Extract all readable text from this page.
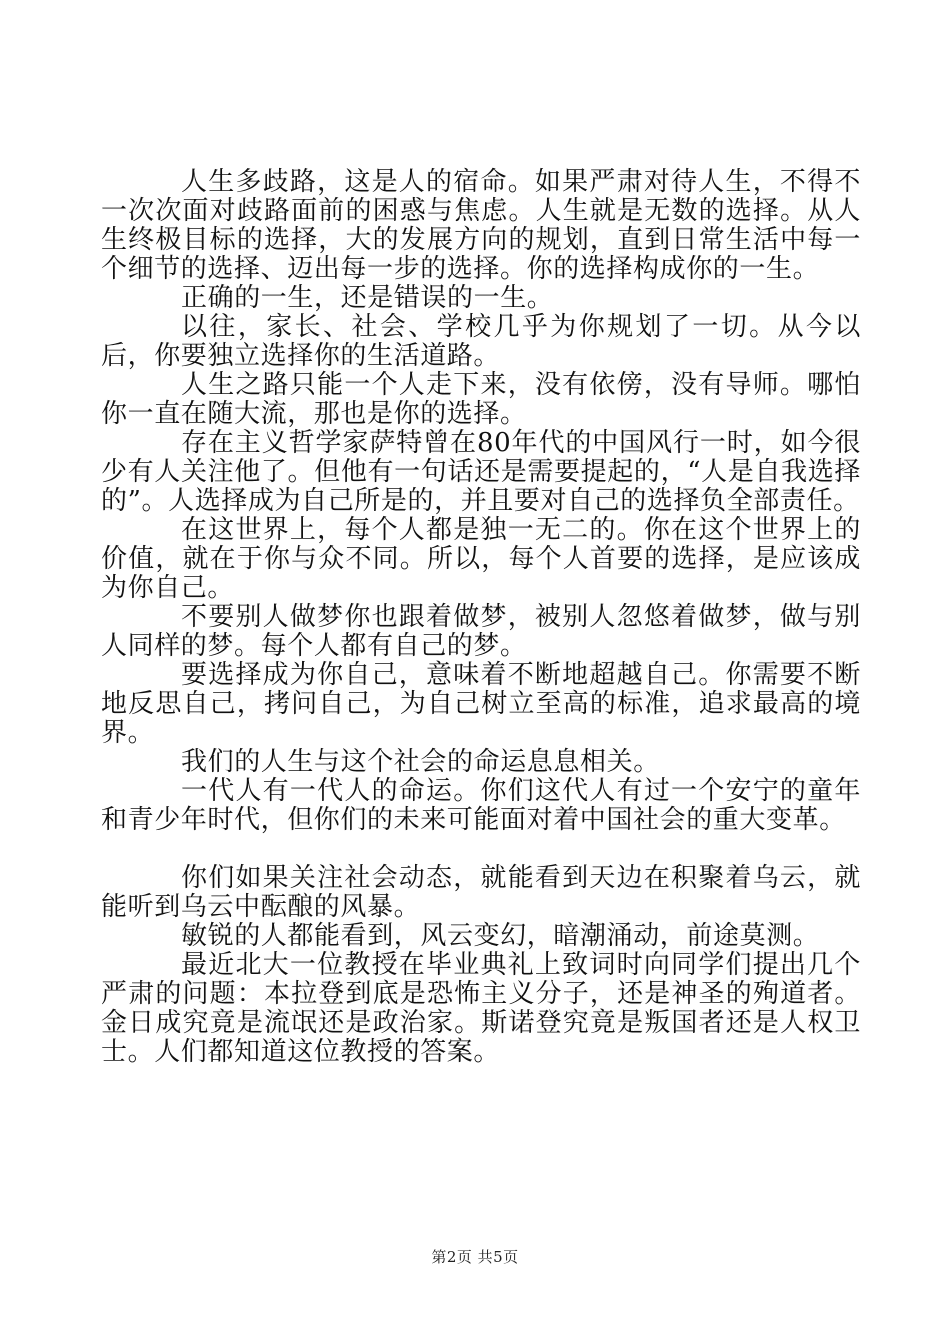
人生多歧路，这是人的宿命。如果严肃对待人生，不得不一次次面对歧路面前的困惑与焦虑。人生就是无数的选择。从人生终极目标的选择，大的发展方向的规划，直到日常生活中每一个细节的选择、迈出每一步的选择。你的选择构成你的一生。

正确的一生，还是错误的一生。

以往，家长、社会、学校几乎为你规划了一切。从今以后，你要独立选择你的生活道路。

人生之路只能一个人走下来，没有依傍，没有导师。哪怕你一直在随大流，那也是你的选择。

存在主义哲学家萨特曾在80年代的中国风行一时，如今很少有人关注他了。但他有一句话还是需要提起的，“人是自我选择的”。人选择成为自己所是的，并且要对自己的选择负全部责任。

在这世界上，每个人都是独一无二的。你在这个世界上的价值，就在于你与众不同。所以，每个人首要的选择，是应该成为你自己。

不要别人做梦你也跟着做梦，被别人忽悠着做梦，做与别人同样的梦。每个人都有自己的梦。

要选择成为你自己，意味着不断地超越自己。你需要不断地反思自己，拷问自己，为自己树立至高的标准，追求最高的境界。

我们的人生与这个社会的命运息息相关。

一代人有一代人的命运。你们这代人有过一个安宁的童年和青少年时代，但你们的未来可能面对着中国社会的重大变革。

你们如果关注社会动态，就能看到天边在积聚着乌云，就能听到乌云中酝酿的风暴。

敏锐的人都能看到，风云变幻，暗潮涌动，前途莫测。

最近北大一位教授在毕业典礼上致词时向同学们提出几个严肃的问题：本拉登到底是恐怖主义分子，还是神圣的殉道者。金日成究竟是流氓还是政治家。斯诺登究竟是叛国者还是人权卫士。人们都知道这位教授的答案。

第2页 共5页
